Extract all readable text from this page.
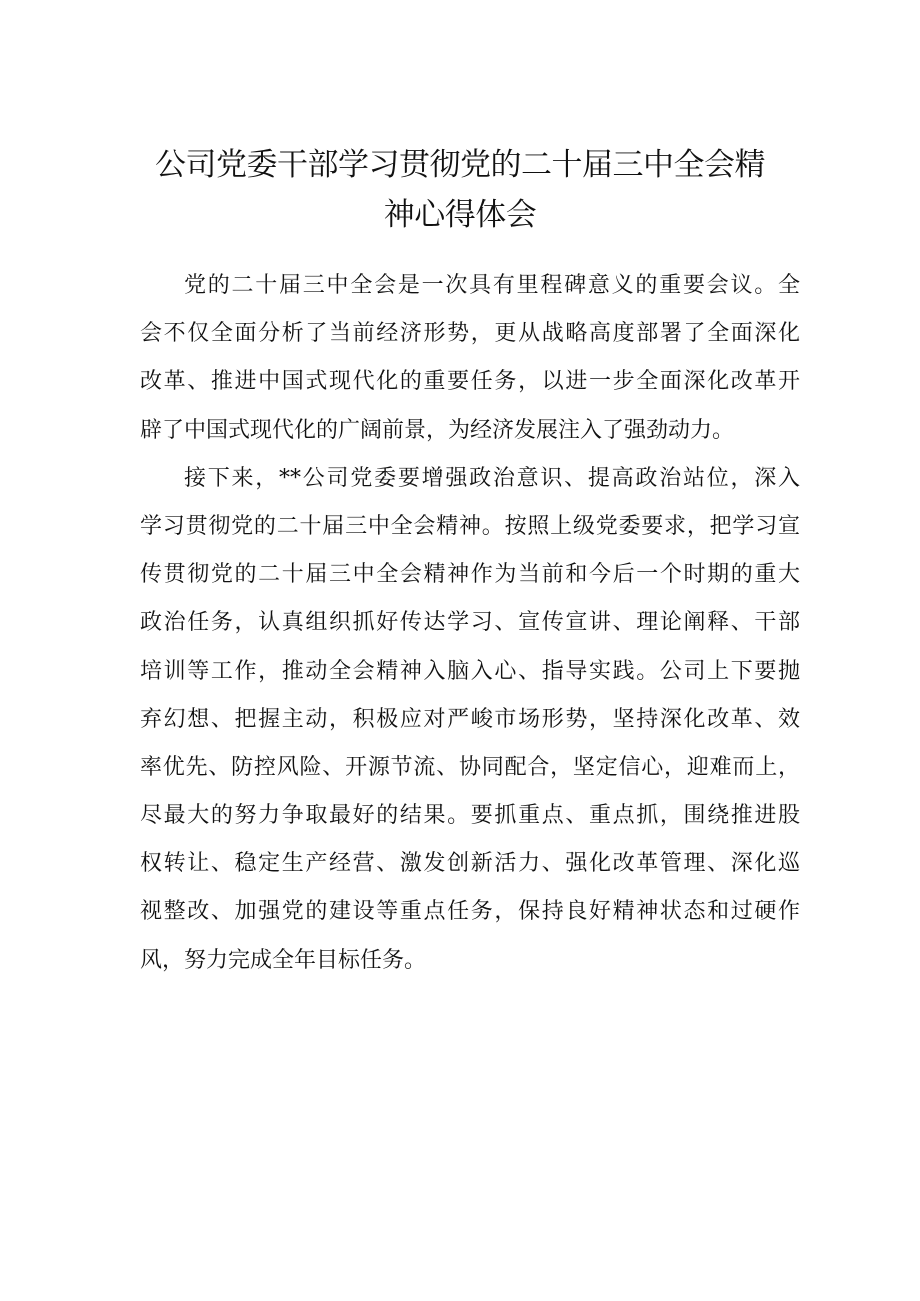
公司党委干部学习贯彻党的二十届三中全会精
神心得体会
党的二十届三中全会是一次具有里程碑意义的重要会议。全
会不仅全面分析了当前经济形势，更从战略高度部署了全面深化
改革、推进中国式现代化的重要任务，以进一步全面深化改革开
辟了中国式现代化的广阔前景，为经济发展注入了强劲动力。
接下来，**公司党委要增强政治意识、提高政治站位，深入
学习贯彻党的二十届三中全会精神。按照上级党委要求，把学习宣
传贯彻党的二十届三中全会精神作为当前和今后一个时期的重大
政治任务，认真组织抓好传达学习、宣传宣讲、理论阐释、干部
培训等工作，推动全会精神入脑入心、指导实践。公司上下要抛
弃幻想、把握主动，积极应对严峻市场形势，坚持深化改革、效
率优先、防控风险、开源节流、协同配合，坚定信心，迎难而上，
尽最大的努力争取最好的结果。要抓重点、重点抓，围绕推进股
权转让、稳定生产经营、激发创新活力、强化改革管理、深化巡
视整改、加强党的建设等重点任务，保持良好精神状态和过硬作
风，努力完成全年目标任务。
